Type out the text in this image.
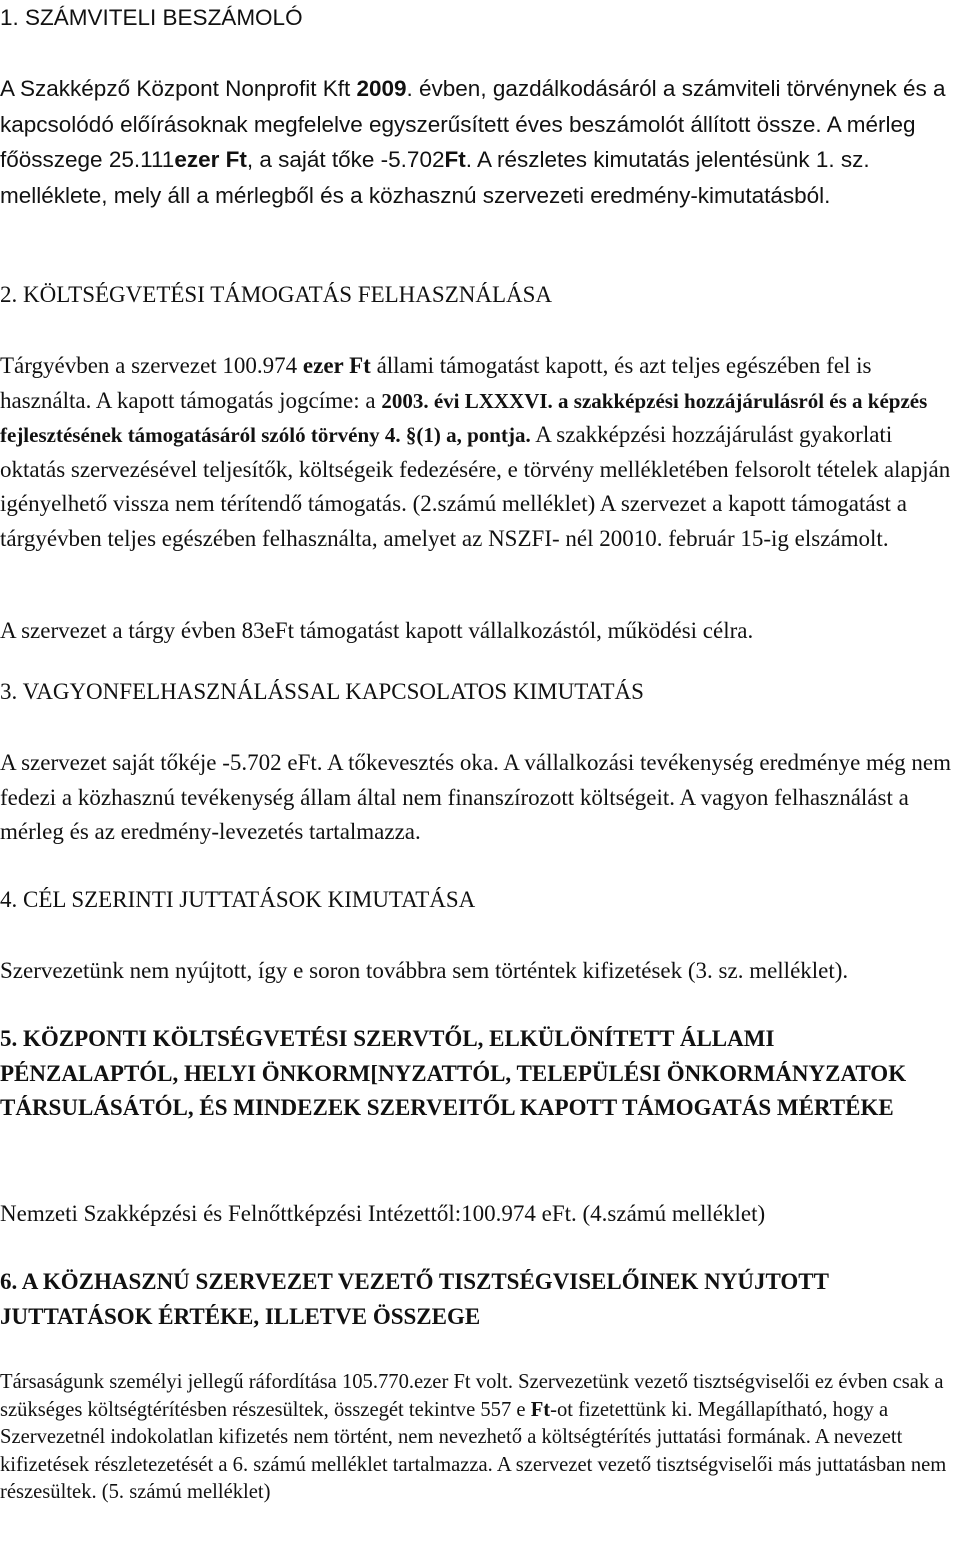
1. SZÁMVITELI BESZÁMOLÓ

A Szakképző Központ Nonprofit Kft 2009. évben, gazdálkodásáról a számviteli törvénynek és a kapcsolódó előírásoknak megfelelve egyszerűsített éves beszámolót állított össze. A mérleg főösszege 25.111ezer Ft, a saját tőke -5.702Ft. A részletes kimutatás jelentésünk 1. sz. melléklete, mely áll a mérlegből és a közhasznú szervezeti eredmény-kimutatásból.

2. KÖLTSÉGVETÉSI TÁMOGATÁS FELHASZNÁLÁSA

Tárgyévben a szervezet 100.974 ezer Ft állami támogatást kapott, és azt teljes egészében fel is használta. A kapott támogatás jogcíme: a 2003. évi LXXXVI. a szakképzési hozzájárulásról és a képzés fejlesztésének támogatásáról szóló törvény 4. §(1) a, pontja. A szakképzési hozzájárulást gyakorlati oktatás szervezésével teljesítők, költségeik fedezésére, e törvény mellékletében felsorolt tételek alapján igényelhető vissza nem térítendő támogatás. (2.számú melléklet) A szervezet a kapott támogatást a tárgyévben teljes egészében felhasználta, amelyet az NSZFI- nél 20010. február 15-ig elszámolt.

A szervezet a tárgy évben 83eFt támogatást kapott vállalkozástól, működési célra.

3. VAGYONFELHASZNÁLÁSSAL KAPCSOLATOS KIMUTATÁS

A szervezet saját tőkéje -5.702 eFt. A tőkevesztés oka. A vállalkozási tevékenység eredménye még nem fedezi a közhasznú tevékenység állam által nem finanszírozott költségeit. A vagyon felhasználást a mérleg és az eredmény-levezetés tartalmazza.

4. CÉL SZERINTI JUTTATÁSOK KIMUTATÁSA

Szervezetünk nem nyújtott, így e soron továbbra sem történtek kifizetések (3. sz. melléklet).

5. KÖZPONTI KÖLTSÉGVETÉSI SZERVTŐL, ELKÜLÖNÍTETT ÁLLAMI PÉNZALAPTÓL, HELYI ÖNKORM[NYZATTÓL, TELEPÜLÉSI ÖNKORMÁNYZATOK TÁRSULÁSÁTÓL, ÉS MINDEZEK SZERVEITŐL KAPOTT TÁMOGATÁS MÉRTÉKE

Nemzeti Szakképzési és Felnőttképzési Intézettől:100.974 eFt. (4.számú melléklet)

6. A KÖZHASZNÚ SZERVEZET VEZETŐ TISZTSÉGVISELŐINEK NYÚJTOTT JUTTATÁSOK ÉRTÉKE, ILLETVE ÖSSZEGE

Társaságunk személyi jellegű ráfordítása 105.770.ezer Ft volt. Szervezetünk vezető tisztségviselői ez évben csak a szükséges költségtérítésben részesültek, összegét tekintve 557 e Ft-ot fizetettünk ki. Megállapítható, hogy a Szervezetnél indokolatlan kifizetés nem történt, nem nevezhető a költségtérítés juttatási formának. A nevezett kifizetések részletezetését a 6. számú melléklet tartalmazza. A szervezet vezető tisztségviselői más juttatásban nem részesültek. (5. számú melléklet)
